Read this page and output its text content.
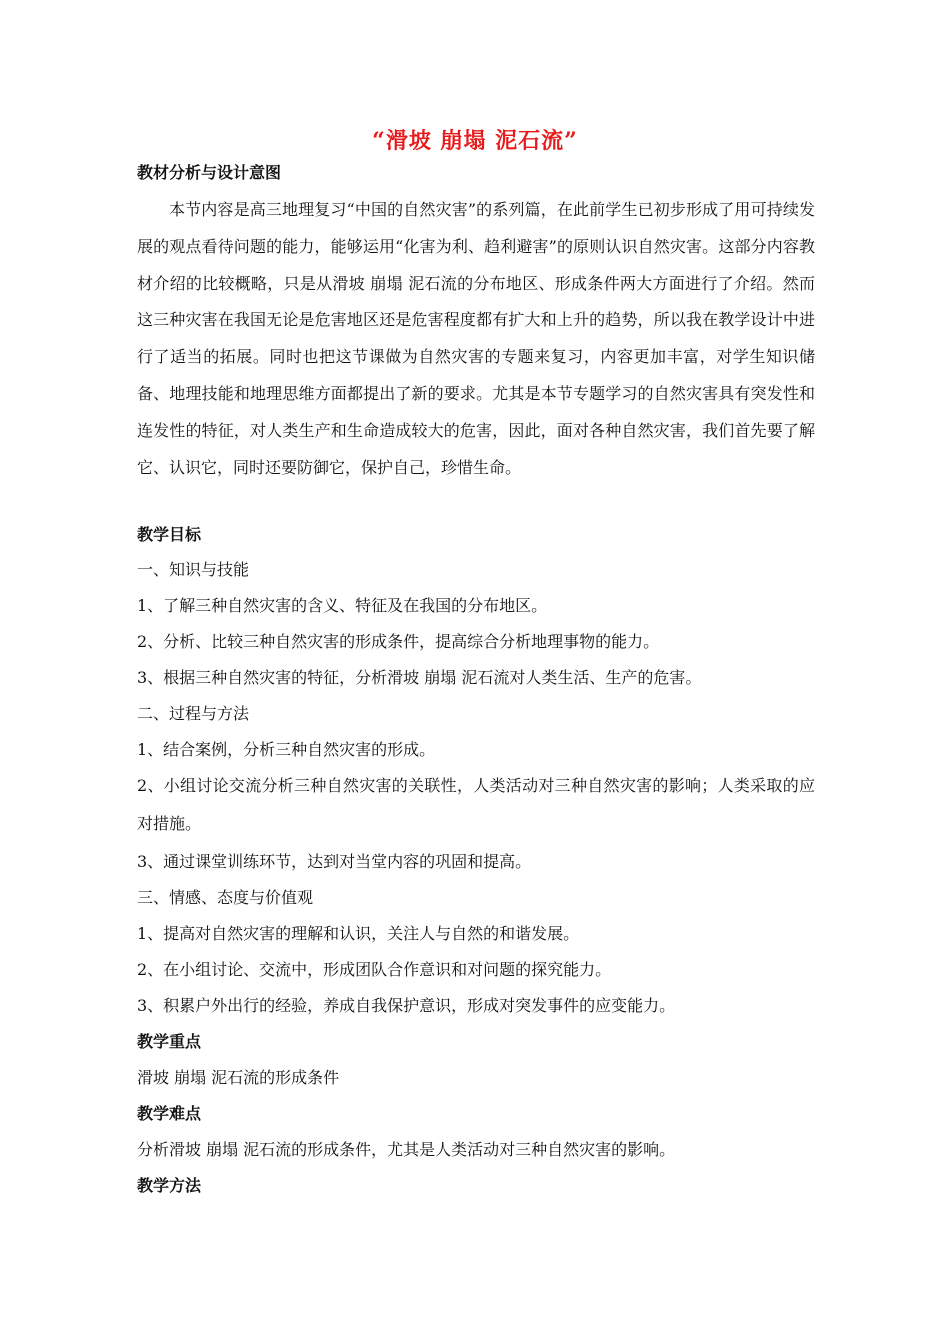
“滑坡 崩塌 泥石流”
教材分析与设计意图
本节内容是高三地理复习“中国的自然灾害”的系列篇，在此前学生已初步形成了用可持续发展的观点看待问题的能力，能够运用“化害为利、趋利避害”的原则认识自然灾害。这部分内容教材介绍的比较概略，只是从滑坡 崩塌 泥石流的分布地区、形成条件两大方面进行了介绍。然而这三种灾害在我国无论是危害地区还是危害程度都有扩大和上升的趋势，所以我在教学设计中进行了适当的拓展。同时也把这节课做为自然灾害的专题来复习，内容更加丰富，对学生知识储备、地理技能和地理思维方面都提出了新的要求。尤其是本节专题学习的自然灾害具有突发性和连发性的特征，对人类生产和生命造成较大的危害，因此，面对各种自然灾害，我们首先要了解它、认识它，同时还要防御它，保护自己，珍惜生命。
教学目标
一、知识与技能
1、了解三种自然灾害的含义、特征及在我国的分布地区。
2、分析、比较三种自然灾害的形成条件，提高综合分析地理事物的能力。
3、根据三种自然灾害的特征，分析滑坡 崩塌 泥石流对人类生活、生产的危害。
二、过程与方法
1、结合案例，分析三种自然灾害的形成。
2、小组讨论交流分析三种自然灾害的关联性，人类活动对三种自然灾害的影响；人类采取的应对措施。
3、通过课堂训练环节，达到对当堂内容的巩固和提高。
三、情感、态度与价值观
1、提高对自然灾害的理解和认识，关注人与自然的和谐发展。
2、在小组讨论、交流中，形成团队合作意识和对问题的探究能力。
3、积累户外出行的经验，养成自我保护意识，形成对突发事件的应变能力。
教学重点
滑坡 崩塌 泥石流的形成条件
教学难点
分析滑坡 崩塌 泥石流的形成条件，尤其是人类活动对三种自然灾害的影响。
教学方法
